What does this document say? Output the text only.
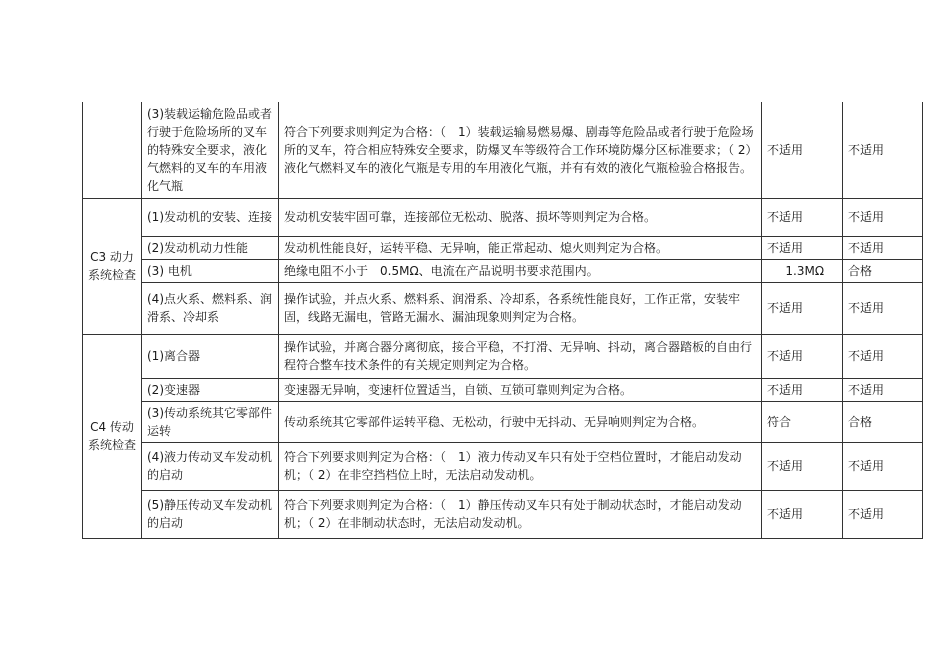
	(3)装载运输危险品或者行驶于危险场所的叉车的特殊安全要求，液化气燃料的叉车的车用液化气瓶	符合下列要求则判定为合格：（　1）装载运输易燃易爆、剧毒等危险品或者行驶于危险场所的叉车，符合相应特殊安全要求，防爆叉车等级符合工作环境防爆分区标准要求；（ 2）液化气燃料叉车的液化气瓶是专用的车用液化气瓶，并有有效的液化气瓶检验合格报告。	不适用	不适用
C3 动力系统检查	(1)发动机的安装、连接	发动机安装牢固可靠，连接部位无松动、脱落、损坏等则判定为合格。	不适用	不适用
	(2)发动机动力性能	发动机性能良好，运转平稳、无异响，能正常起动、熄火则判定为合格。	不适用	不适用
	(3) 电机	绝缘电阻不小于　0.5MΩ、电流在产品说明书要求范围内。	1.3MΩ	合格
	(4)点火系、燃料系、润滑系、冷却系	操作试验，并点火系、燃料系、润滑系、冷却系，各系统性能良好，工作正常，安装牢固，线路无漏电，管路无漏水、漏油现象则判定为合格。	不适用	不适用
C4 传动系统检查	(1)离合器	操作试验，并离合器分离彻底，接合平稳，不打滑、无异响、抖动，离合器踏板的自由行程符合整车技术条件的有关规定则判定为合格。	不适用	不适用
	(2)变速器	变速器无异响，变速杆位置适当，自锁、互锁可靠则判定为合格。	不适用	不适用
	(3)传动系统其它零部件运转	传动系统其它零部件运转平稳、无松动，行驶中无抖动、无异响则判定为合格。	符合	合格
	(4)液力传动叉车发动机的启动	符合下列要求则判定为合格：（　1）液力传动叉车只有处于空档位置时，才能启动发动机；（ 2）在非空挡档位上时，无法启动发动机。	不适用	不适用
	(5)静压传动叉车发动机的启动	符合下列要求则判定为合格：（　1）静压传动叉车只有处于制动状态时，才能启动发动机；（ 2）在非制动状态时，无法启动发动机。	不适用	不适用
